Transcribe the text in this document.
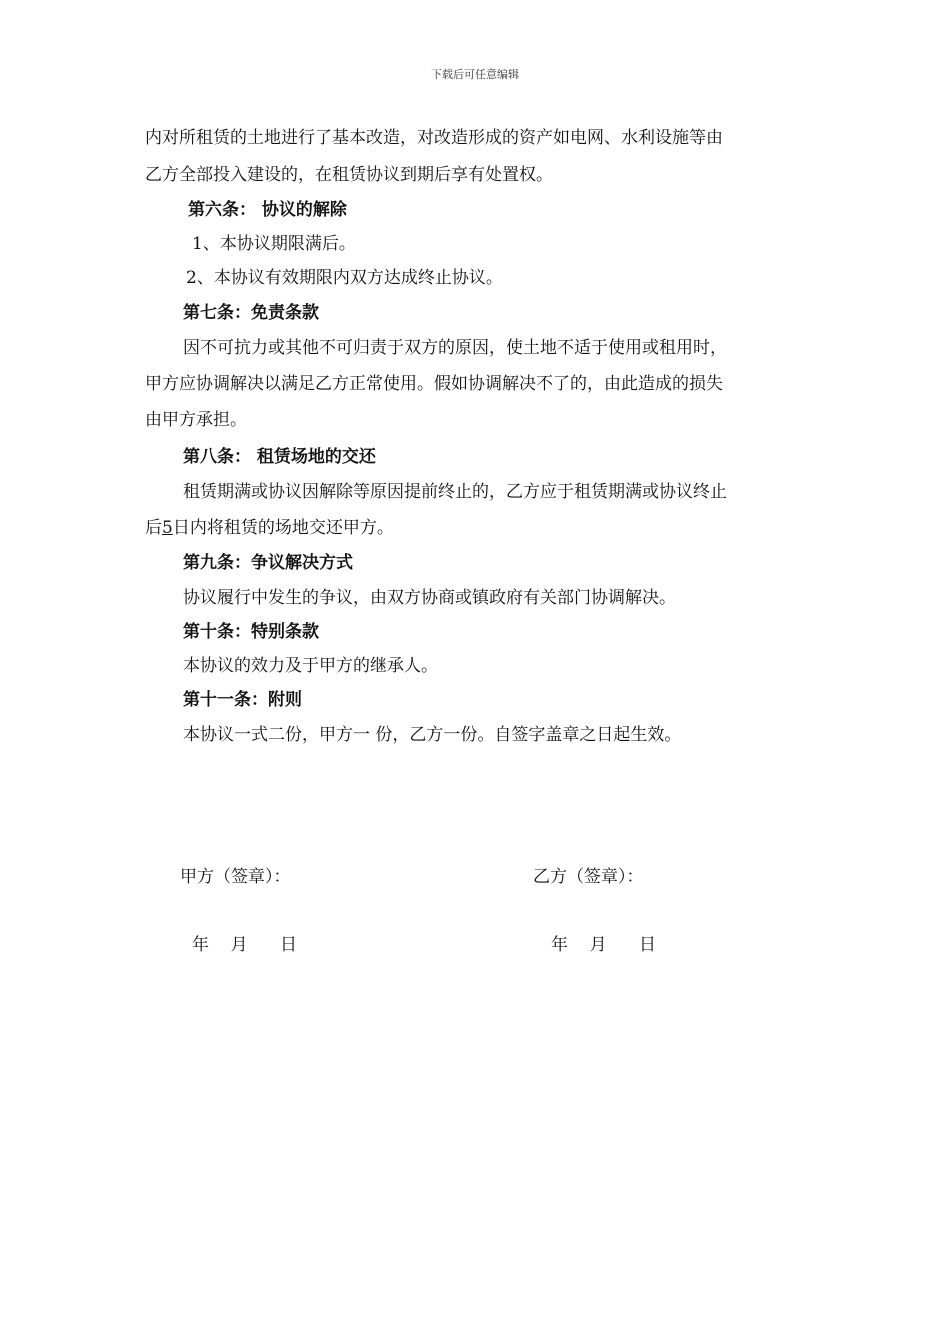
下载后可任意编辑
内对所租赁的土地进行了基本改造，对改造形成的资产如电网、水利设施等由
乙方全部投入建设的，在租赁协议到期后享有处置权。
第六条： 协议的解除
1、本协议期限满后。
2、本协议有效期限内双方达成终止协议。
第七条：免责条款
因不可抗力或其他不可归责于双方的原因，使土地不适于使用或租用时，
甲方应协调解决以满足乙方正常使用。假如协调解决不了的，由此造成的损失
由甲方承担。
第八条： 租赁场地的交还
租赁期满或协议因解除等原因提前终止的，乙方应于租赁期满或协议终止
后5日内将租赁的场地交还甲方。
第九条：争议解决方式
协议履行中发生的争议，由双方协商或镇政府有关部门协调解决。
第十条：特别条款
本协议的效力及于甲方的继承人。
第十一条：附则
本协议一式二份，甲方一 份，乙方一份。自签字盖章之日起生效。
甲方（签章）：	乙方（签章）：
年    月      日	年    月      日
